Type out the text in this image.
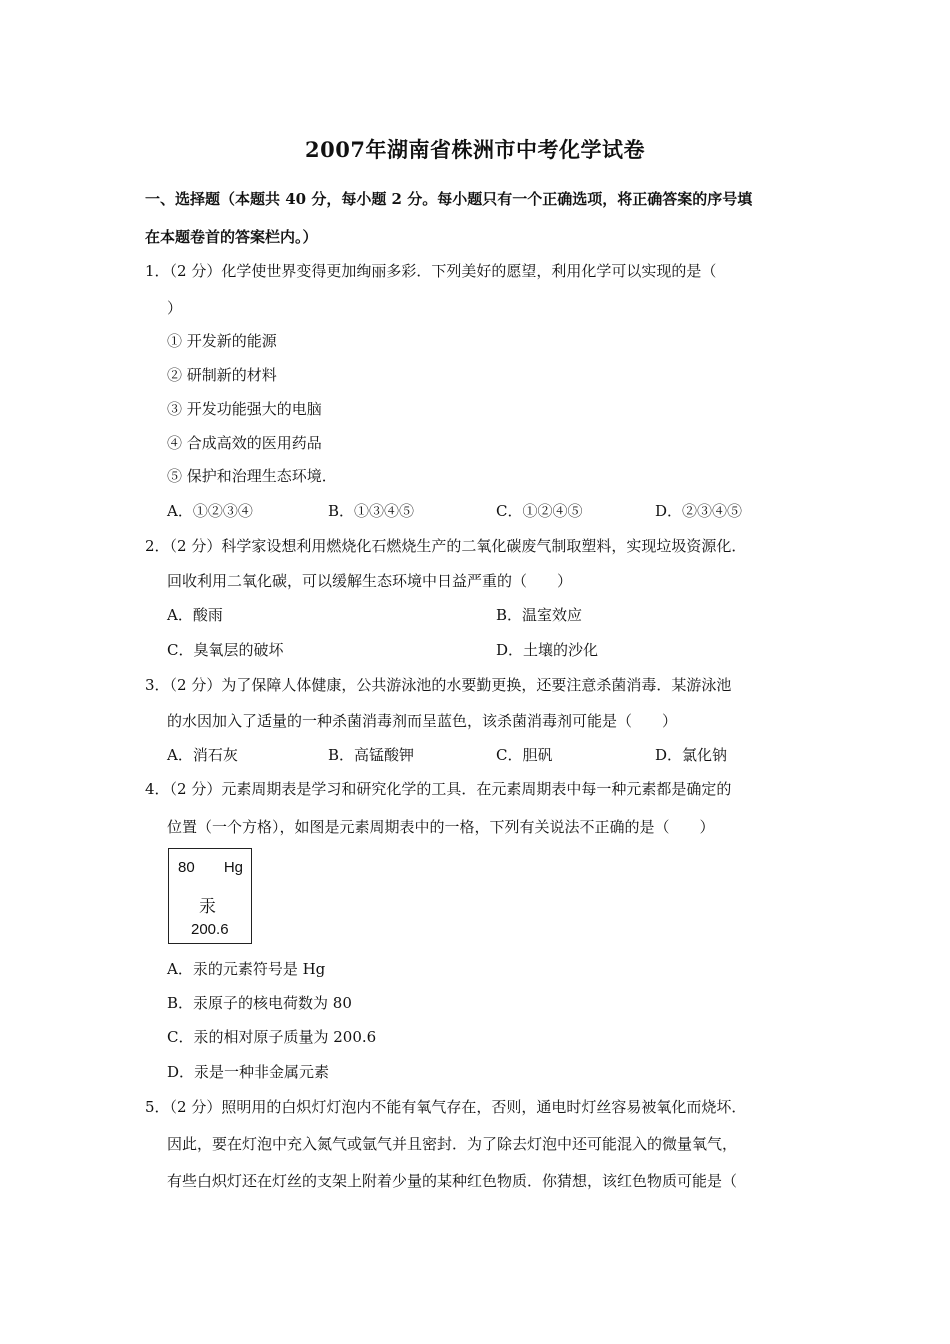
2007年湖南省株洲市中考化学试卷
一、选择题（本题共 40 分，每小题 2 分。每小题只有一个正确选项，将正确答案的序号填
在本题卷首的答案栏内。）
1．（2 分）化学使世界变得更加绚丽多彩．下列美好的愿望，利用化学可以实现的是（
）
① 开发新的能源
② 研制新的材料
③ 开发功能强大的电脑
④ 合成高效的医用药品
⑤ 保护和治理生态环境．
A．①②③④	B．①③④⑤	C．①②④⑤	D．②③④⑤
2．（2 分）科学家设想利用燃烧化石燃烧生产的二氧化碳废气制取塑料，实现垃圾资源化．
回收利用二氧化碳，可以缓解生态环境中日益严重的（　　）
A．酸雨	B．温室效应
C．臭氧层的破坏	D．土壤的沙化
3．（2 分）为了保障人体健康，公共游泳池的水要勤更换，还要注意杀菌消毒．某游泳池
的水因加入了适量的一种杀菌消毒剂而呈蓝色，该杀菌消毒剂可能是（　　）
A．消石灰	B．高锰酸钾	C．胆矾	D．氯化钠
4．（2 分）元素周期表是学习和研究化学的工具．在元素周期表中每一种元素都是确定的
位置（一个方格），如图是元素周期表中的一格，下列有关说法不正确的是（　　）
80 Hg
汞
200.6
A．汞的元素符号是 Hg
B．汞原子的核电荷数为 80
C．汞的相对原子质量为 200.6
D．汞是一种非金属元素
5．（2 分）照明用的白炽灯灯泡内不能有氧气存在，否则，通电时灯丝容易被氧化而烧坏．
因此，要在灯泡中充入氮气或氩气并且密封．为了除去灯泡中还可能混入的微量氧气，
有些白炽灯还在灯丝的支架上附着少量的某种红色物质．你猜想，该红色物质可能是（
